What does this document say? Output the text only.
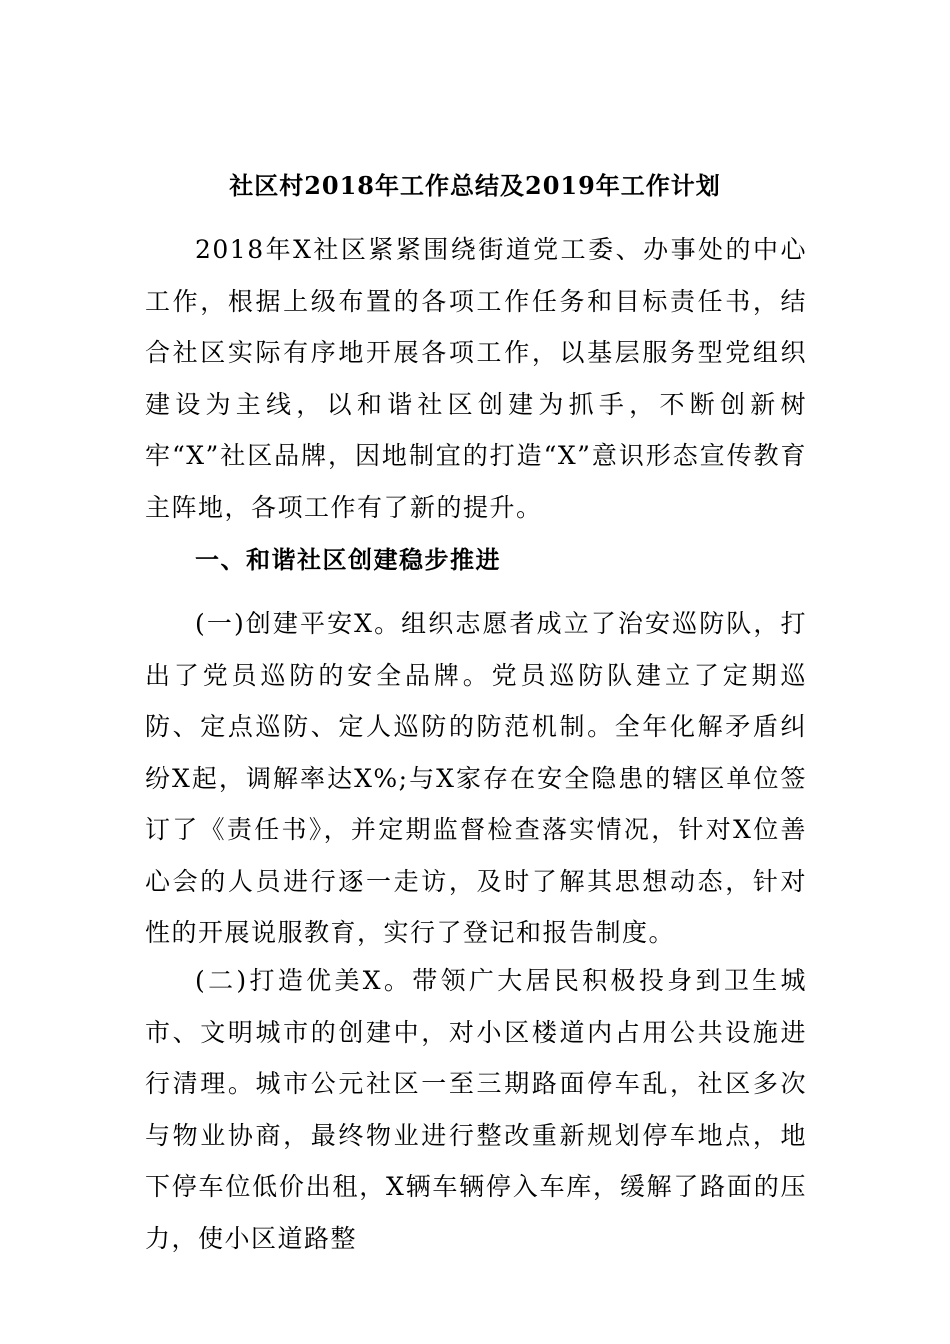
社区村2018年工作总结及2019年工作计划

2018年X社区紧紧围绕街道党工委、办事处的中心工作，根据上级布置的各项工作任务和目标责任书，结合社区实际有序地开展各项工作，以基层服务型党组织建设为主线，以和谐社区创建为抓手，不断创新树牢“X”社区品牌，因地制宜的打造“X”意识形态宣传教育主阵地，各项工作有了新的提升。

一、和谐社区创建稳步推进

(一)创建平安X。组织志愿者成立了治安巡防队，打出了党员巡防的安全品牌。党员巡防队建立了定期巡防、定点巡防、定人巡防的防范机制。全年化解矛盾纠纷X起，调解率达X%;与X家存在安全隐患的辖区单位签订了《责任书》，并定期监督检查落实情况，针对X位善心会的人员进行逐一走访，及时了解其思想动态，针对性的开展说服教育，实行了登记和报告制度。

(二)打造优美X。带领广大居民积极投身到卫生城市、文明城市的创建中，对小区楼道内占用公共设施进行清理。城市公元社区一至三期路面停车乱，社区多次与物业协商，最终物业进行整改重新规划停车地点，地下停车位低价出租，X辆车辆停入车库，缓解了路面的压力，使小区道路整
